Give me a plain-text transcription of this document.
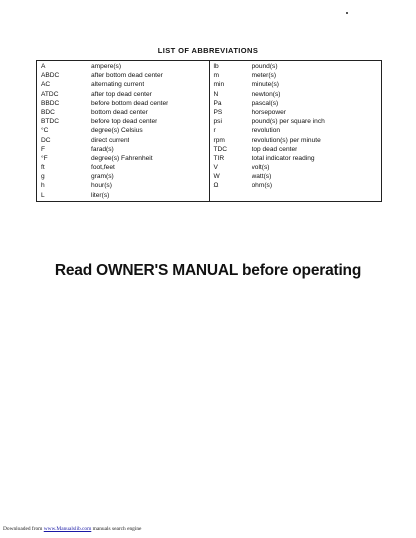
LIST OF ABBREVIATIONS
A	ampere(s)
ABDC	after bottom dead center
AC	alternating current
ATDC	after top dead center
BBDC	before bottom dead center
BDC	bottom dead center
BTDC	before top dead center
°C	degree(s) Celsius
DC	direct current
F	farad(s)
°F	degree(s) Fahrenheit
ft	foot,feet
g	gram(s)
h	hour(s)
L	liter(s)
lb	pound(s)
m	meter(s)
min	minute(s)
N	newton(s)
Pa	pascal(s)
PS	horsepower
psi	pound(s) per square inch
r	revolution
rpm	revolution(s) per minute
TDC	top dead center
TIR	total indicator reading
V	volt(s)
W	watt(s)
Ω	ohm(s)
Read OWNER'S MANUAL before operating
Downloaded from www.Manualslib.com manuals search engine
